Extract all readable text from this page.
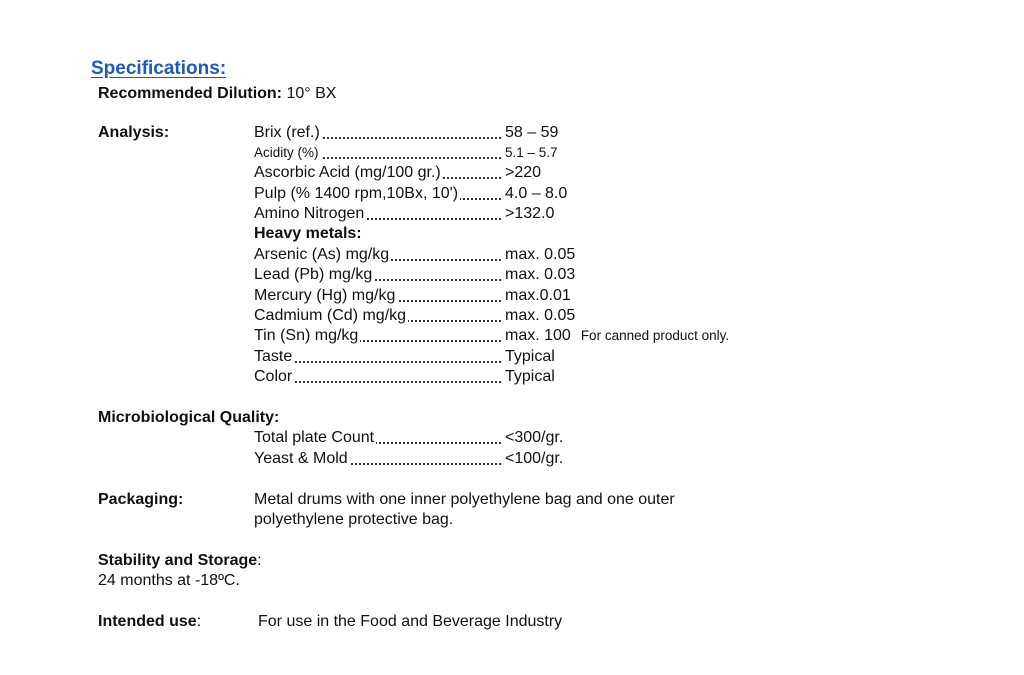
Specifications:
Recommended Dilution: 10° BX
Analysis:	Brix (ref.)	58 – 59
Acidity (%)	5.1 – 5.7
Ascorbic Acid (mg/100 gr.)	>220
Pulp (% 1400 rpm,10Bx, 10')	4.0 – 8.0
Amino Nitrogen	>132.0
Heavy metals:
Arsenic (As) mg/kg	max. 0.05
Lead (Pb) mg/kg	max. 0.03
Mercury (Hg) mg/kg	max.0.01
Cadmium (Cd) mg/kg	max. 0.05
Tin (Sn) mg/kg	max. 100 For canned product only.
Taste	Typical
Color	Typical
Microbiological Quality:
Total plate Count	<300/gr.
Yeast & Mold	<100/gr.
Packaging:	Metal drums with one inner polyethylene bag and one outer
polyethylene protective bag.
Stability and Storage:
24 months at -18ºC.
Intended use:	For use in the Food and Beverage Industry
